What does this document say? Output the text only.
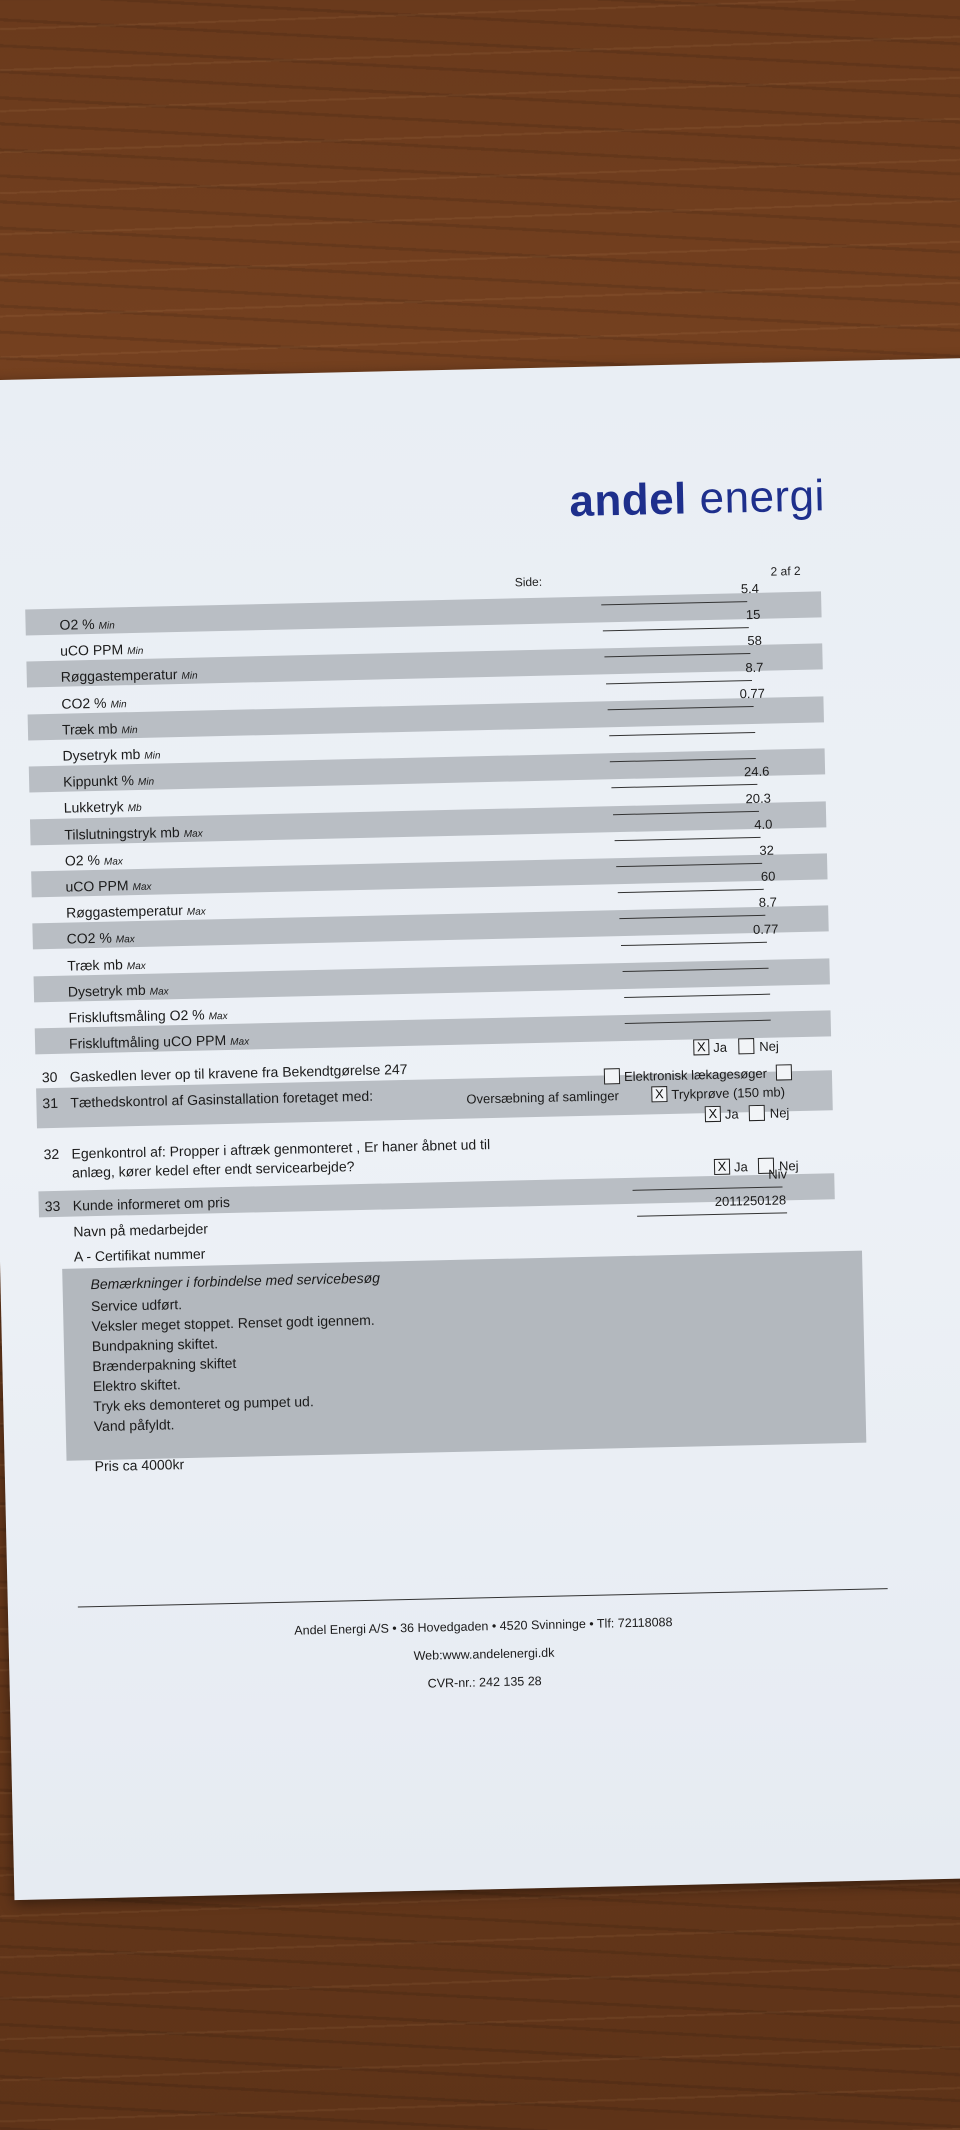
andel energi
Side:
2 af 2
O2 % Min
5.4
uCO PPM Min
15
Røggastemperatur Min
58
CO2 % Min
8.7
Træk mb Min
0.77
Dysetryk mb Min
Kippunkt % Min
Lukketryk Mb
24.6
Tilslutningstryk mb Max
20.3
O2 % Max
4.0
uCO PPM Max
32
Røggastemperatur Max
60
CO2 % Max
8.7
Træk mb Max
0.77
Dysetryk mb Max
Friskluftsmåling O2 % Max
Friskluftmåling uCO PPM Max
30 Gaskedlen lever op til kravene fra Bekendtgørelse 247
X Ja Nej
31 Tæthedskontrol af Gasinstallation foretaget med:
Elektronisk lækagesøger
Oversæbning af samlinger	X Trykprøve (150 mb)
X Ja Nej
32 Egenkontrol af: Propper i aftræk genmonteret , Er haner åbnet ud til
anlæg, kører kedel efter endt servicearbejde?	X Ja Nej
33 Kunde informeret om pris
Niv
Navn på medarbejder
2011250128
A - Certifikat nummer
Bemærkninger i forbindelse med servicebesøg
Service udført.
Veksler meget stoppet. Renset godt igennem.
Bundpakning skiftet.
Brænderpakning skiftet
Elektro skiftet.
Tryk eks demonteret og pumpet ud.
Vand påfyldt.
Pris ca 4000kr
Andel Energi A/S • 36 Hovedgaden • 4520 Svinninge • Tlf: 72118088
Web:www.andelenergi.dk
CVR-nr.: 242 135 28
